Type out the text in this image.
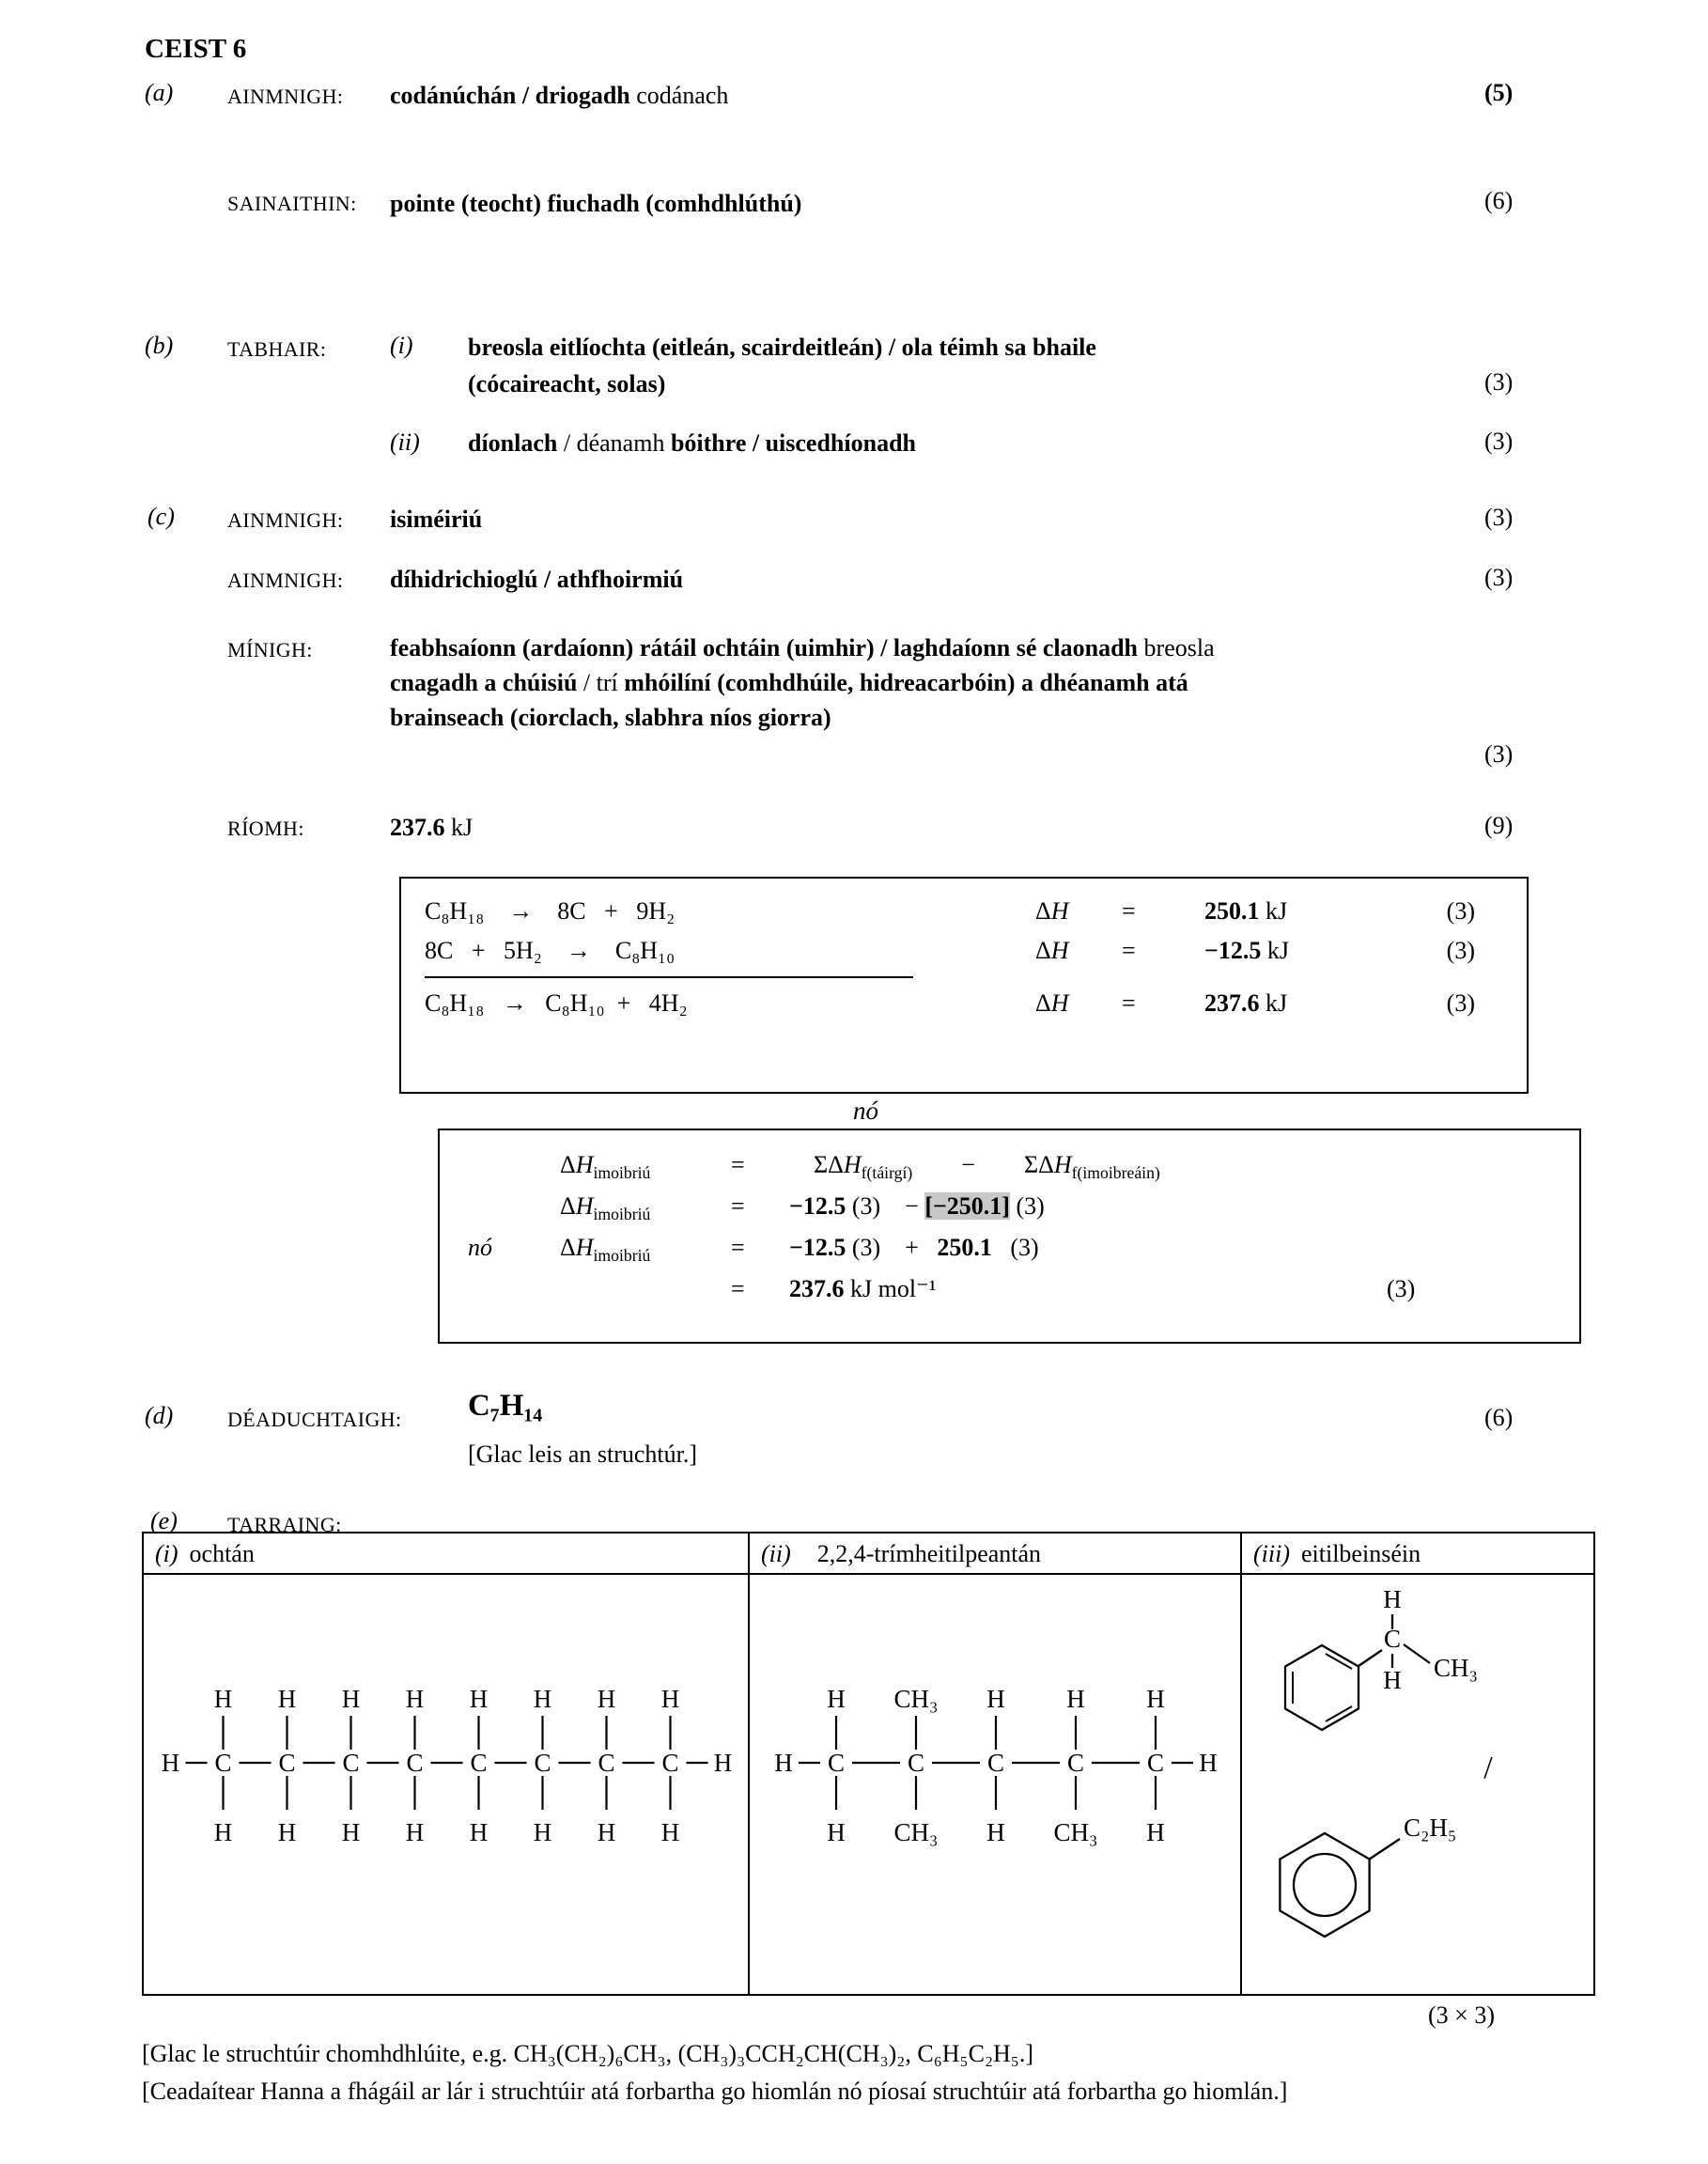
CEIST 6
(a)	AINMNIGH: codánúchán / driogadh codánach	(5)
SAINAITHIN: pointe (teocht) fiuchadh (comhdhlúthú)	(6)
(b)	TABHAIR:	(i) breosla eitlíochta (eitleán, scairdeitleán) / ola téimh sa bhaile
(cócaireacht, solas)	(3)
(ii) díonlach / déanamh bóithre / uiscedhíonadh	(3)
(c)	AINMNIGH: isiméiriú	(3)
AINMNIGH: díhidrichioglú / athfhoirmiú	(3)
MÍNIGH:	feabhsaíonn (ardaíonn) rátáil ochtáin (uimhir) / laghdaíonn sé claonadh breosla
cnagadh a chúisiú / trí mhóilíní (comhdhúile, hidreacarbóin) a dhéanamh atá
brainseach (ciorclach, slabhra níos giorra)
(3)
RÍOMH:	237.6 kJ	(9)
C₈H₁₈    →    8C   +   9H₂	ΔH	=	250.1 kJ	(3)
8C   +   5H₂    →    C₈H₁₀	ΔH	=	−12.5 kJ	(3)
C₈H₁₈   →   C₈H₁₀  +   4H₂	ΔH	=	237.6 kJ	(3)
nó
$\Delta H_{imoibriú}$	=	$\Sigma\Delta H_{f(táirgí)}$        −        $\Sigma\Delta H_{f(imoibreáin)}$
$\Delta H_{imoibriú}$	=	−12.5 (3)    − [−250.1] (3)
nó	$\Delta H_{imoibriú}$	=	−12.5 (3)    +   250.1   (3)
=	237.6 kJ mol⁻¹	(3)
(d)	DÉADUCHTAIGH: C₇H₁₄	(6)
[Glac leis an struchtúr.]
(e) TARRAING:
(i) ochtán	(ii) 2,2,4-trímheitilpeantán	(iii) eitilbeinséin
H	H
C
H
H
C
H
H
C
H
H
C
H
H
C
H
H
C
H
H
C
H
H
C
H
H
H	H
C
H
H
C
CH₃
CH₃
C
H
H
C
H
CH₃
C
H
H
H
C
H CH₃
/
C₂H₅
(3 × 3)
[Glac le struchtúir chomhdhlúite, e.g. CH₃(CH₂)₆CH₃, (CH₃)₃CCH₂CH(CH₃)₂, C₆H₅C₂H₅.]
[Ceadaítear Hanna a fhágáil ar lár i struchtúir atá forbartha go hiomlán nó píosaí struchtúir atá forbartha go hiomlán.]
